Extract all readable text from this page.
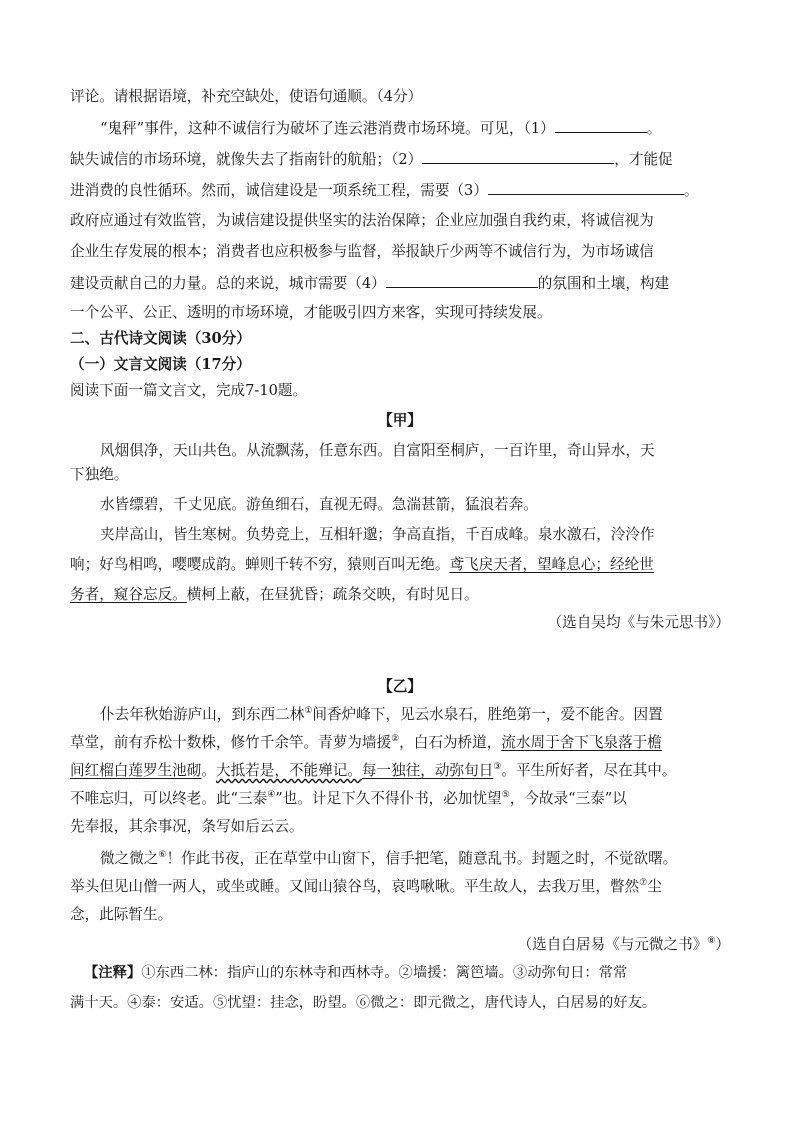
评论。请根据语境，补充空缺处，使语句通顺。（4分）
“鬼秤”事件，这种不诚信行为破坏了连云港消费市场环境。可见，（1）	。
缺失诚信的市场环境，就像失去了指南针的航船；（2）	，才能促
进消费的良性循环。然而，诚信建设是一项系统工程，需要（3）	。
政府应通过有效监管，为诚信建设提供坚实的法治保障；企业应加强自我约束，将诚信视为
企业生存发展的根本；消费者也应积极参与监督，举报缺斤少两等不诚信行为，为市场诚信
建设贡献自己的力量。总的来说，城市需要（4）	的氛围和土壤，构建
一个公平、公正、透明的市场环境，才能吸引四方来客，实现可持续发展。
二、古代诗文阅读（30分）
（一）文言文阅读（17分）
阅读下面一篇文言文，完成7-10题。
【甲】
风烟俱净，天山共色。从流飘荡，任意东西。自富阳至桐庐，一百许里，奇山异水，天
下独绝。
水皆缥碧，千丈见底。游鱼细石，直视无碍。急湍甚箭，猛浪若奔。
夹岸高山，皆生寒树。负势竞上，互相轩邈；争高直指，千百成峰。泉水激石，泠泠作
响；好鸟相鸣，嘤嘤成韵。蝉则千转不穷，猿则百叫无绝。鸢飞戾天者，望峰息心；经纶世
务者，窥谷忘反。横柯上蔽，在昼犹昏；疏条交映，有时见日。
（选自吴均《与朱元思书》）
【乙】
仆去年秋始游庐山，到东西二林①间香炉峰下，见云水泉石，胜绝第一，爱不能舍。因置
草堂，前有乔松十数株，修竹千余竿。青萝为墙援②，白石为桥道，流水周于舍下飞泉落于檐
间红榴白莲罗生池砌。大抵若是，不能殚记。每一独往，动弥旬日③。平生所好者，尽在其中。
不唯忘归，可以终老。此“三泰④”也。计足下久不得仆书，必加忧望⑤，今故录“三泰”以
先奉报，其余事况，条写如后云云。
微之微之⑥！作此书夜，正在草堂中山窗下，信手把笔，随意乱书。封题之时，不觉欲曙。
举头但见山僧一两人，或坐或睡。又闻山猿谷鸟，哀鸣啾啾。平生故人，去我万里，瞥然⑦尘
念，此际暂生。
（选自白居易《与元微之书》⑧）
【注释】①东西二林：指庐山的东林寺和西林寺。②墙援：篱笆墙。③动弥旬日：常常
满十天。④泰：安适。⑤忧望：挂念，盼望。⑥微之：即元微之，唐代诗人，白居易的好友。
